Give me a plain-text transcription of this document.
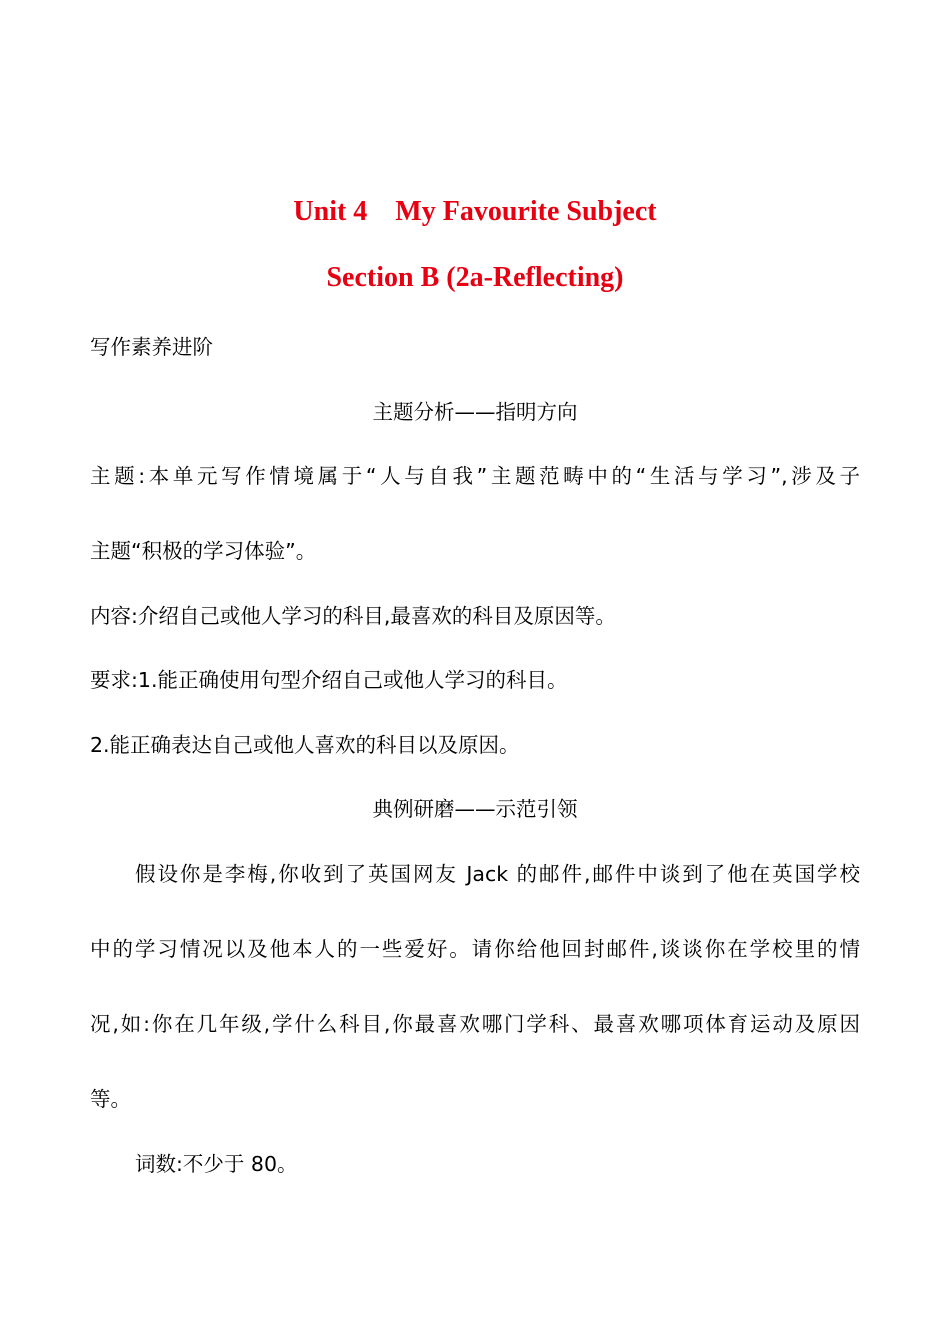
Unit 4    My Favourite Subject
Section B (2a-Reflecting)
写作素养进阶
主题分析——指明方向
主题:本单元写作情境属于“人与自我”主题范畴中的“生活与学习”,涉及子
主题“积极的学习体验”。
内容:介绍自己或他人学习的科目,最喜欢的科目及原因等。
要求:1.能正确使用句型介绍自己或他人学习的科目。
2.能正确表达自己或他人喜欢的科目以及原因。
典例研磨——示范引领
假设你是李梅,你收到了英国网友 Jack 的邮件,邮件中谈到了他在英国学校
中的学习情况以及他本人的一些爱好。请你给他回封邮件,谈谈你在学校里的情
况,如:你在几年级,学什么科目,你最喜欢哪门学科、最喜欢哪项体育运动及原因
等。
词数:不少于 80。
